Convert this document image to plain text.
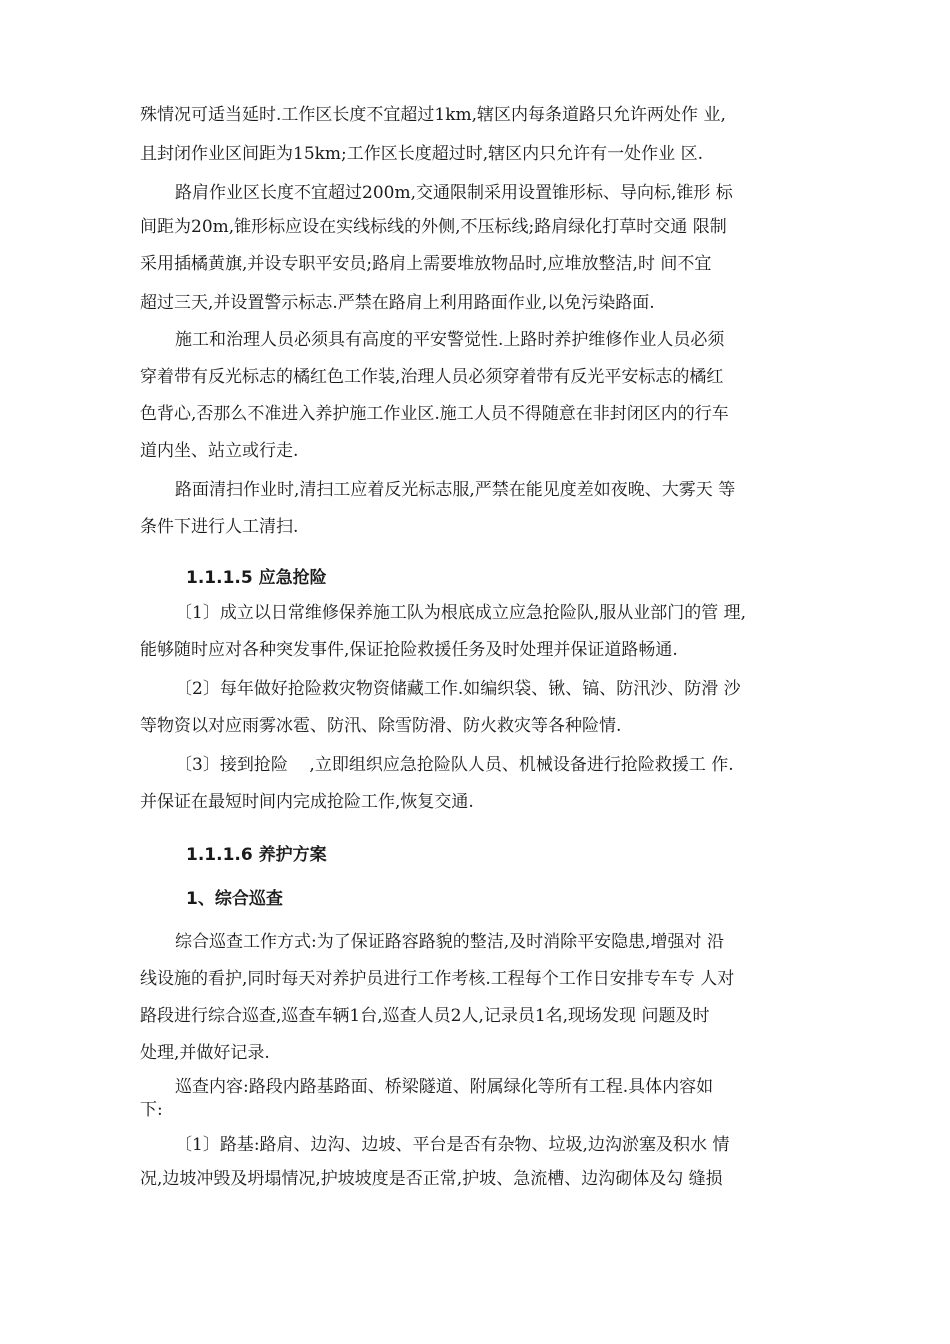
殊情况可适当延时.工作区长度不宜超过1km,辖区内每条道路只允许两处作 业,

且封闭作业区间距为15km;工作区长度超过时,辖区内只允许有一处作业 区.

路肩作业区长度不宜超过200m,交通限制采用设置锥形标、导向标,锥形 标

间距为20m,锥形标应设在实线标线的外侧,不压标线;路肩绿化打草时交通 限制

采用插橘黄旗,并设专职平安员;路肩上需要堆放物品时,应堆放整洁,时 间不宜

超过三天,并设置警示标志.严禁在路肩上利用路面作业,以免污染路面.

施工和治理人员必须具有高度的平安警觉性.上路时养护维修作业人员必须

穿着带有反光标志的橘红色工作装,治理人员必须穿着带有反光平安标志的橘红

色背心,否那么不准进入养护施工作业区.施工人员不得随意在非封闭区内的行车

道内坐、站立或行走.

路面清扫作业时,清扫工应着反光标志服,严禁在能见度差如夜晚、大雾天 等

条件下进行人工清扫.

1.1.1.5 应急抢险

〔1〕成立以日常维修保养施工队为根底成立应急抢险队,服从业部门的管 理,

能够随时应对各种突发事件,保证抢险救援任务及时处理并保证道路畅通.

〔2〕每年做好抢险救灾物资储藏工作.如编织袋、锹、镐、防汛沙、防滑 沙

等物资以对应雨雾冰雹、防汛、除雪防滑、防火救灾等各种险情.

〔3〕接到抢险    ,立即组织应急抢险队人员、机械设备进行抢险救援工 作.

并保证在最短时间内完成抢险工作,恢复交通.

1.1.1.6 养护方案

1、综合巡查

综合巡查工作方式:为了保证路容路貌的整洁,及时消除平安隐患,增强对 沿

线设施的看护,同时每天对养护员进行工作考核.工程每个工作日安排专车专 人对

路段进行综合巡查,巡查车辆1台,巡查人员2人,记录员1名,现场发现 问题及时

处理,并做好记录.

巡查内容:路段内路基路面、桥梁隧道、附属绿化等所有工程.具体内容如

下:

〔1〕路基:路肩、边沟、边坡、平台是否有杂物、垃圾,边沟淤塞及积水 情

况,边坡冲毁及坍塌情况,护坡坡度是否正常,护坡、急流槽、边沟砌体及勾 缝损
